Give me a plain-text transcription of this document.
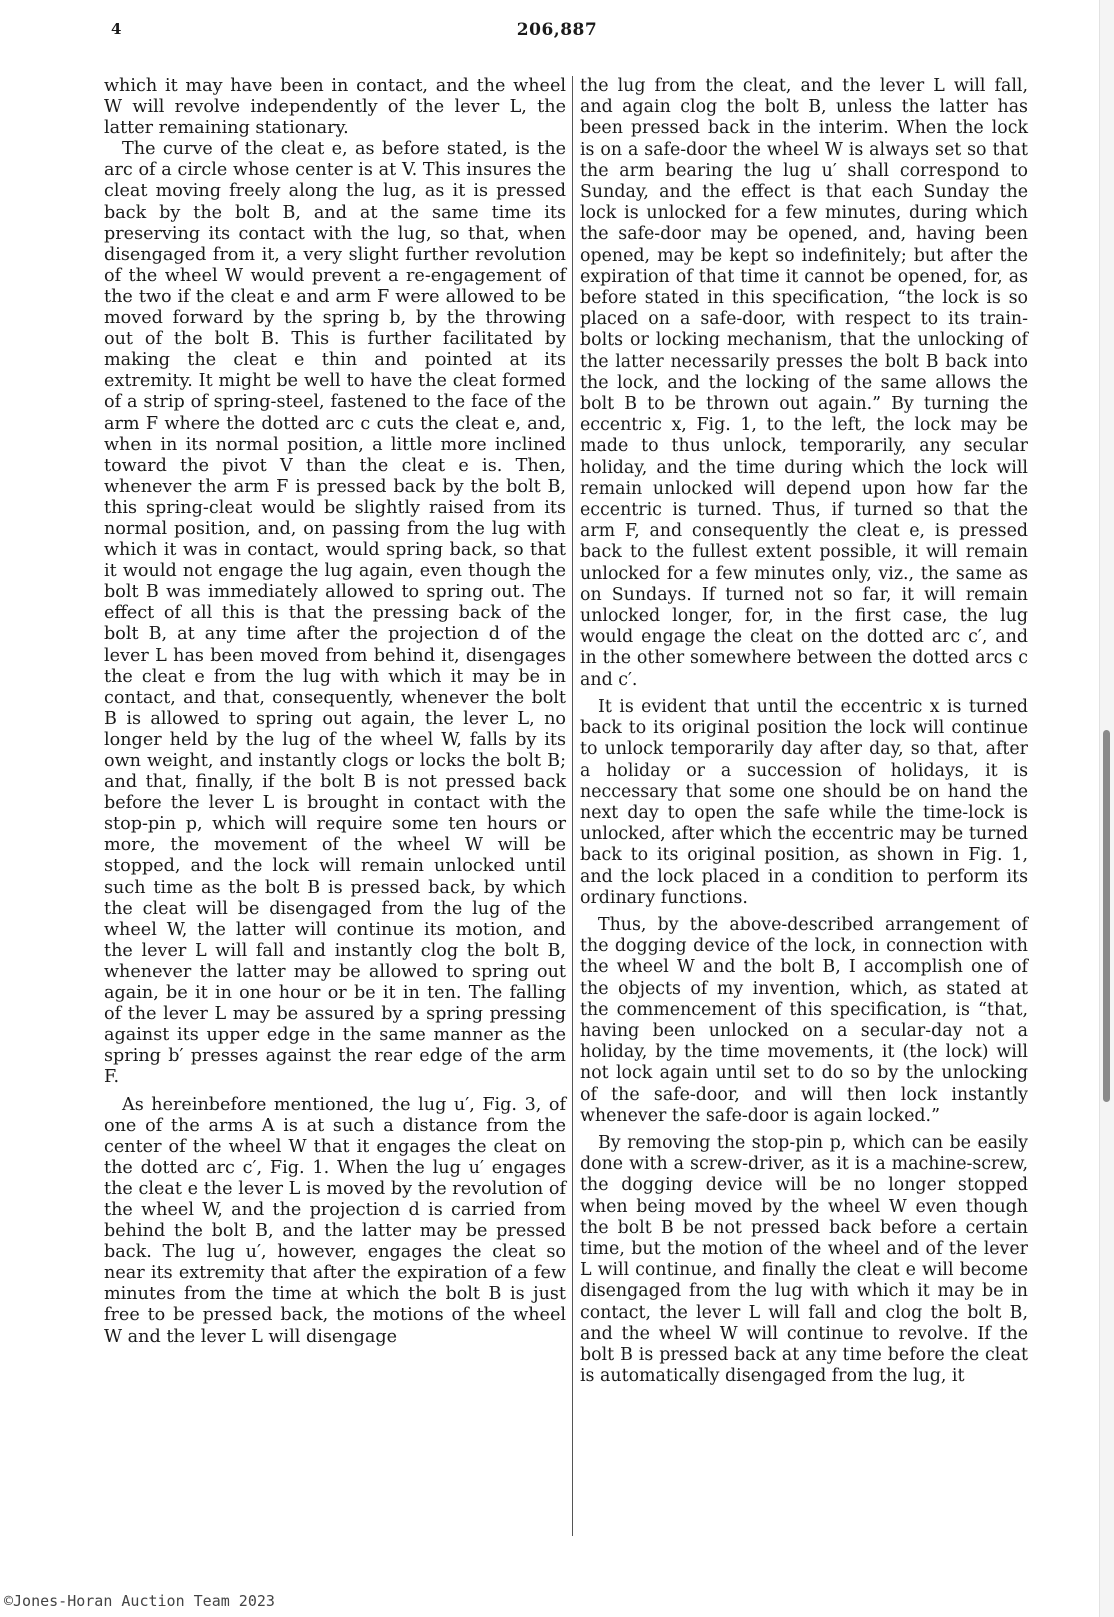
4	206,887

which it may have been in contact, and the wheel W will revolve independently of the lever L, the latter remaining stationary.

The curve of the cleat e, as before stated, is the arc of a circle whose center is at V. This insures the cleat moving freely along the lug, as it is pressed back by the bolt B, and at the same time its preserving its contact with the lug, so that, when disengaged from it, a very slight further revolution of the wheel W would prevent a re-engagement of the two if the cleat e and arm F were allowed to be moved forward by the spring b, by the throwing out of the bolt B. This is further facilitated by making the cleat e thin and pointed at its extremity. It might be well to have the cleat formed of a strip of spring-steel, fastened to the face of the arm F where the dotted arc c cuts the cleat e, and, when in its normal position, a little more inclined toward the pivot V than the cleat e is. Then, whenever the arm F is pressed back by the bolt B, this spring-cleat would be slightly raised from its normal position, and, on passing from the lug with which it was in contact, would spring back, so that it would not engage the lug again, even though the bolt B was immediately allowed to spring out. The effect of all this is that the pressing back of the bolt B, at any time after the projection d of the lever L has been moved from behind it, disengages the cleat e from the lug with which it may be in contact, and that, consequently, whenever the bolt B is allowed to spring out again, the lever L, no longer held by the lug of the wheel W, falls by its own weight, and instantly clogs or locks the bolt B; and that, finally, if the bolt B is not pressed back before the lever L is brought in contact with the stop-pin p, which will require some ten hours or more, the movement of the wheel W will be stopped, and the lock will remain unlocked until such time as the bolt B is pressed back, by which the cleat will be disengaged from the lug of the wheel W, the latter will continue its motion, and the lever L will fall and instantly clog the bolt B, whenever the latter may be allowed to spring out again, be it in one hour or be it in ten. The falling of the lever L may be assured by a spring pressing against its upper edge in the same manner as the spring b′ presses against the rear edge of the arm F.

As hereinbefore mentioned, the lug u′, Fig. 3, of one of the arms A is at such a distance from the center of the wheel W that it engages the cleat on the dotted arc c′, Fig. 1. When the lug u′ engages the cleat e the lever L is moved by the revolution of the wheel W, and the projection d is carried from behind the bolt B, and the latter may be pressed back. The lug u′, however, engages the cleat so near its extremity that after the expiration of a few minutes from the time at which the bolt B is just free to be pressed back, the motions of the wheel W and the lever L will disengage

the lug from the cleat, and the lever L will fall, and again clog the bolt B, unless the latter has been pressed back in the interim. When the lock is on a safe-door the wheel W is always set so that the arm bearing the lug u′ shall correspond to Sunday, and the effect is that each Sunday the lock is unlocked for a few minutes, during which the safe-door may be opened, and, having been opened, may be kept so indefinitely; but after the expiration of that time it cannot be opened, for, as before stated in this specification, “the lock is so placed on a safe-door, with respect to its train-bolts or locking mechanism, that the unlocking of the latter necessarily presses the bolt B back into the lock, and the locking of the same allows the bolt B to be thrown out again.” By turning the eccentric x, Fig. 1, to the left, the lock may be made to thus unlock, temporarily, any secular holiday, and the time during which the lock will remain unlocked will depend upon how far the eccentric is turned. Thus, if turned so that the arm F, and consequently the cleat e, is pressed back to the fullest extent possible, it will remain unlocked for a few minutes only, viz., the same as on Sundays. If turned not so far, it will remain unlocked longer, for, in the first case, the lug would engage the cleat on the dotted arc c′, and in the other somewhere between the dotted arcs c and c′.

It is evident that until the eccentric x is turned back to its original position the lock will continue to unlock temporarily day after day, so that, after a holiday or a succession of holidays, it is neccessary that some one should be on hand the next day to open the safe while the time-lock is unlocked, after which the eccentric may be turned back to its original position, as shown in Fig. 1, and the lock placed in a condition to perform its ordinary functions.

Thus, by the above-described arrangement of the dogging device of the lock, in connection with the wheel W and the bolt B, I accomplish one of the objects of my invention, which, as stated at the commencement of this specification, is “that, having been unlocked on a secular-day not a holiday, by the time movements, it (the lock) will not lock again until set to do so by the unlocking of the safe-door, and will then lock instantly whenever the safe-door is again locked.”

By removing the stop-pin p, which can be easily done with a screw-driver, as it is a machine-screw, the dogging device will be no longer stopped when being moved by the wheel W even though the bolt B be not pressed back before a certain time, but the motion of the wheel and of the lever L will continue, and finally the cleat e will become disengaged from the lug with which it may be in contact, the lever L will fall and clog the bolt B, and the wheel W will continue to revolve. If the bolt B is pressed back at any time before the cleat is automatically disengaged from the lug, it

©Jones-Horan Auction Team 2023
